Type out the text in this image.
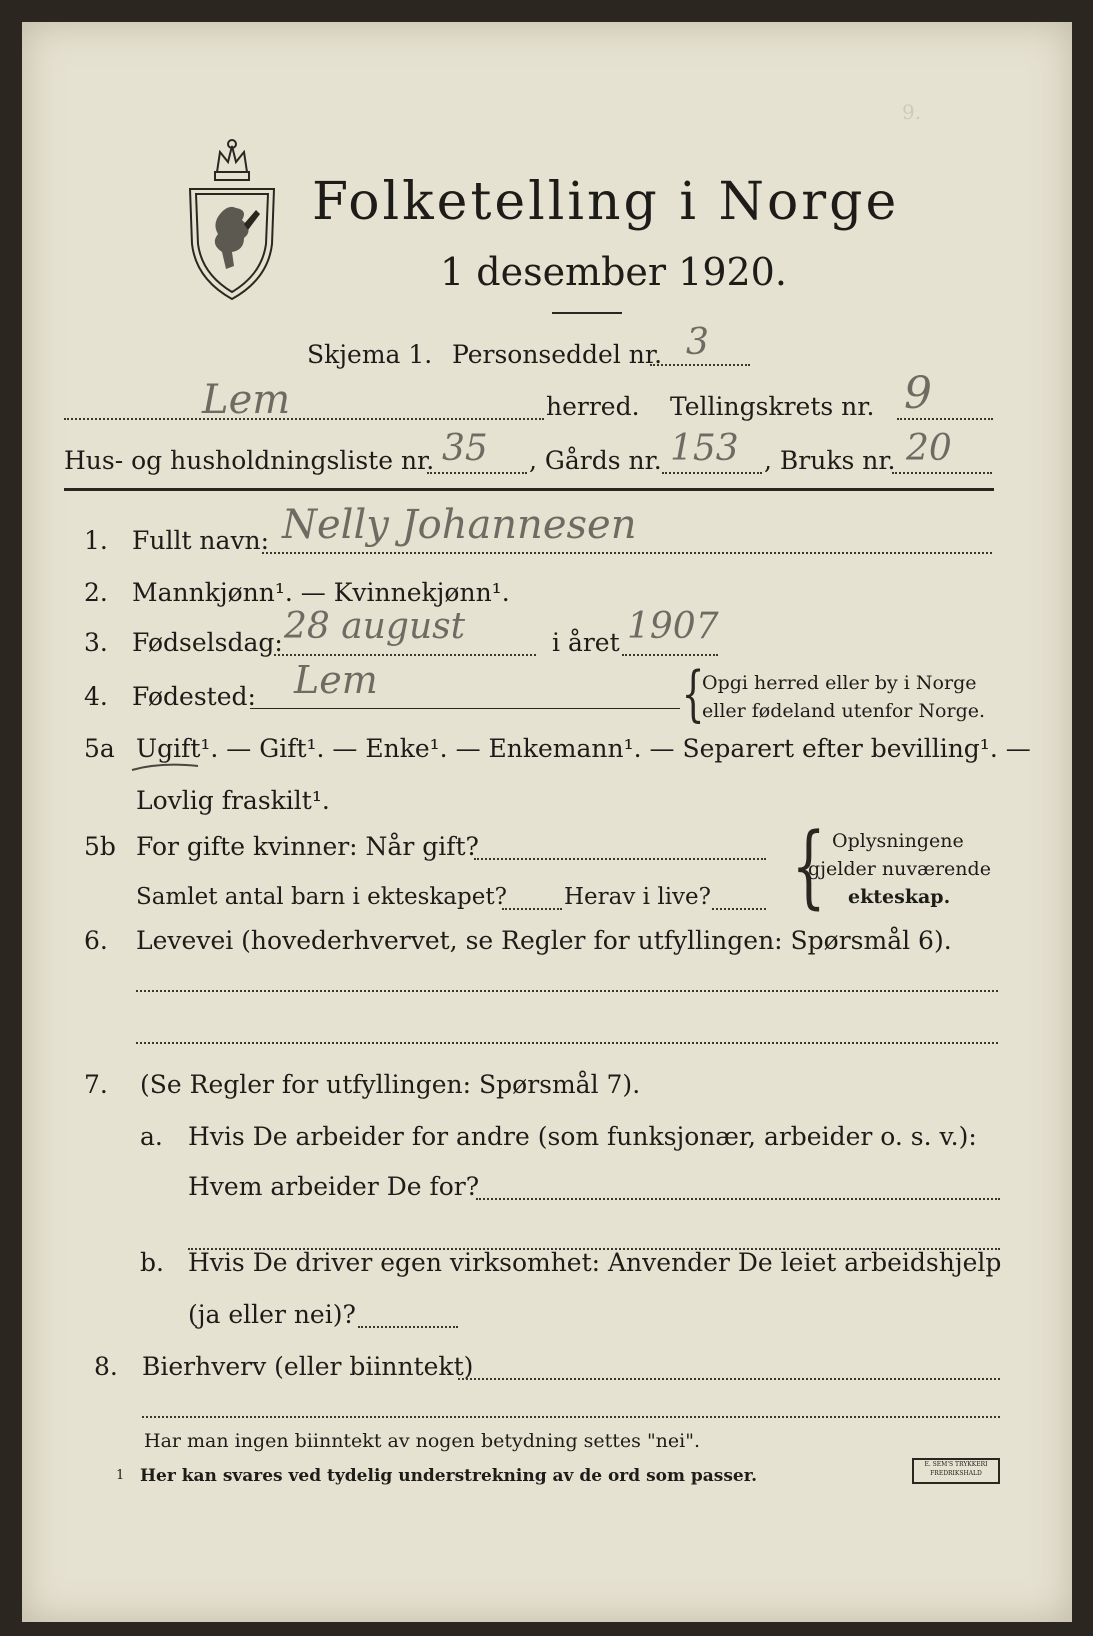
Folketelling i Norge
1 desember 1920.
9.
Skjema 1. Personseddel nr. 3
Lem	herred. Tellingskrets nr. 9
Hus- og husholdningsliste nr. 35 , Gårds nr. 153 , Bruks nr. 20
1. Fullt navn: Nelly Johannesen
2. Mannkjønn¹. — Kvinnekjønn¹.
3. Fødselsdag: 28 august	i året 1907
4. Fødested: Lem	{
Opgi herred eller by i Norge
eller fødeland utenfor Norge.
5a Ugift¹. — Gift¹. — Enke¹. — Enkemann¹. — Separert efter bevilling¹. —
Lovlig fraskilt¹.
5b For gifte kvinner: Når gift?
Samlet antal barn i ekteskapet? Herav i live? { Oplysningene
gjelder nuværende
ekteskap.
6. Levevei (hovederhvervet, se Regler for utfyllingen: Spørsmål 6).
7. (Se Regler for utfyllingen: Spørsmål 7).
a. Hvis De arbeider for andre (som funksjonær, arbeider o. s. v.):
Hvem arbeider De for?
b. Hvis De driver egen virksomhet: Anvender De leiet arbeidshjelp
(ja eller nei)?
8. Bierhverv (eller biinntekt)
Har man ingen biinntekt av nogen betydning settes "nei".
1 Her kan svares ved tydelig understrekning av de ord som passer.
E. SEM'S TRYKKERI
FREDRIKSHALD
